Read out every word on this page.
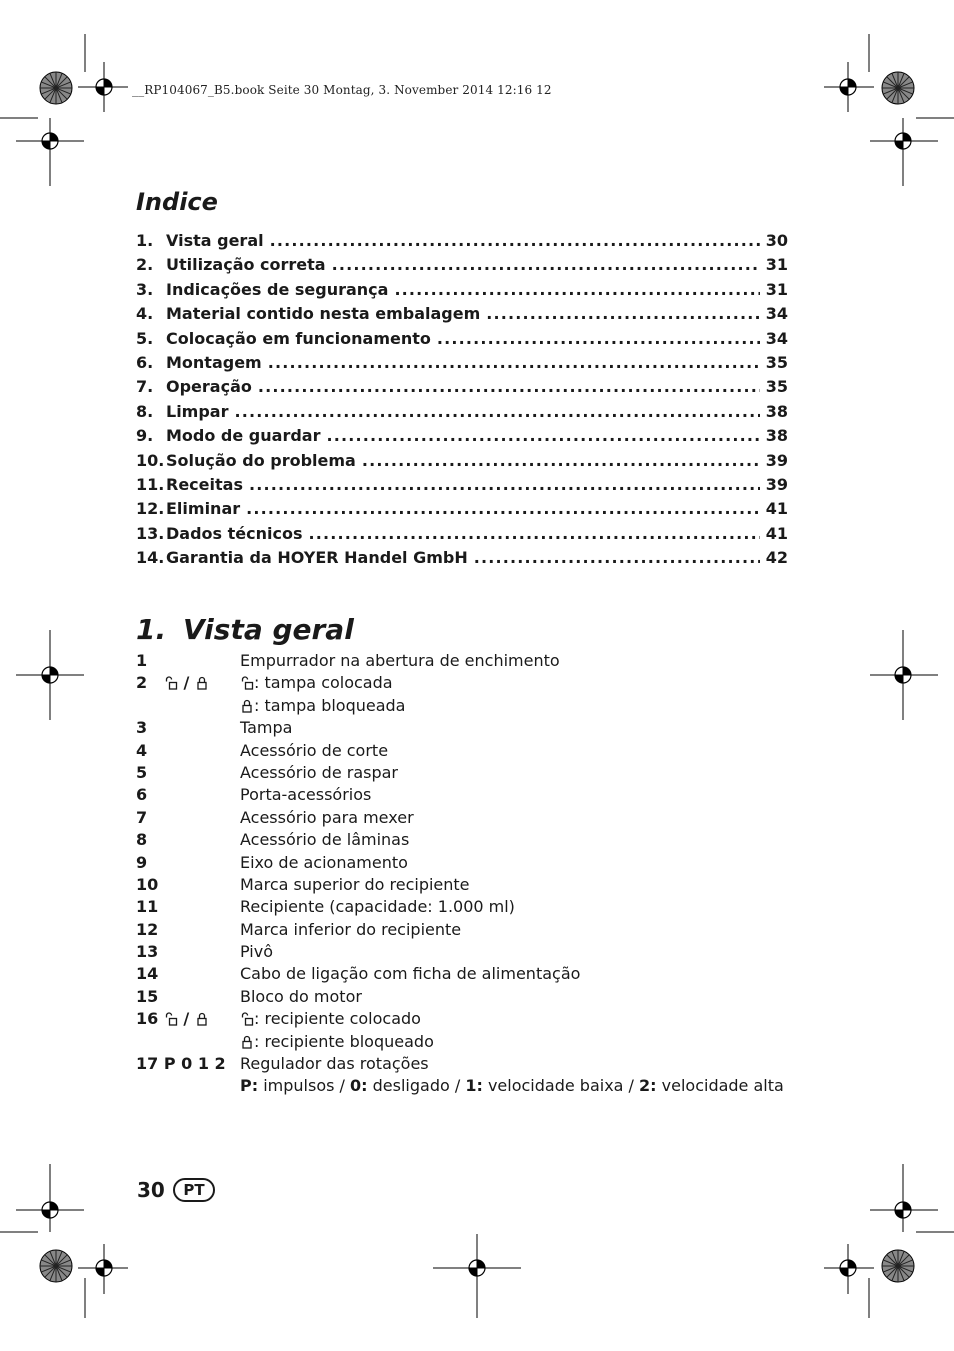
__RP104067_B5.book Seite 30 Montag, 3. November 2014 12:16 12
Indice
1. Vista geral . . .	30
2. Utilização correta . . .	31
3. Indicações de segurança . . .	31
4. Material contido nesta embalagem . . .	34
5. Colocação em funcionamento . . .	34
6. Montagem . . .	35
7. Operação . . .	35
8. Limpar . . .	38
9. Modo de guardar . . .	38
10. Solução do problema . . .	39
11. Receitas . . .	39
12. Eliminar . . .	41
13. Dados técnicos . . .	41
14. Garantia da HOYER Handel GmbH . . .	42
1. Vista geral
1	Empurrador na abertura de enchimento
2 /	: tampa colocada
: tampa bloqueada
3	Tampa
4	Acessório de corte
5	Acessório de raspar
6	Porta-acessórios
7	Acessório para mexer
8	Acessório de lâminas
9	Eixo de acionamento
10	Marca superior do recipiente
11	Recipiente (capacidade: 1.000 ml)
12	Marca inferior do recipiente
13	Pivô
14	Cabo de ligação com ficha de alimentação
15	Bloco do motor
16 /	: recipiente colocado
: recipiente bloqueado
17 P 0 1 2 Regulador das rotações
P: impulsos / 0: desligado / 1: velocidade baixa / 2: velocidade alta
30	PT
